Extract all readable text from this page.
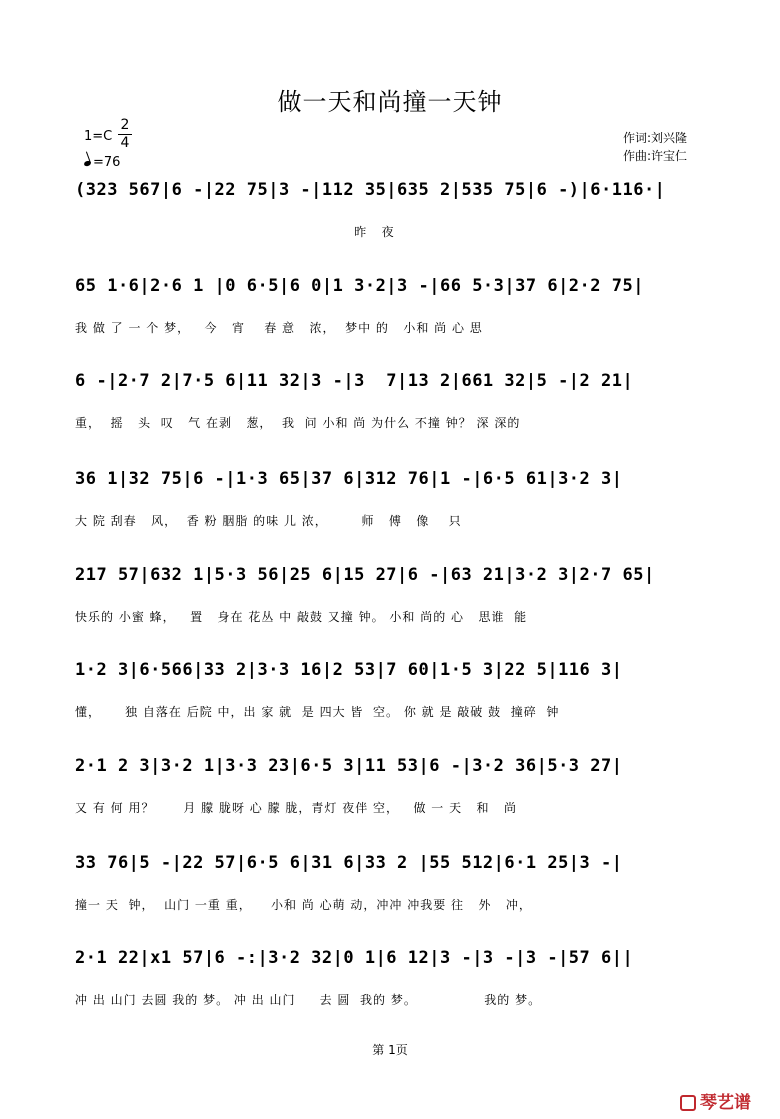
做一天和尚撞一天钟
1=C
2
4
=76
作词:刘兴隆
作曲:许宝仁
(323 567|6 -|22 75|3 -|112 35|635 2|535 75|6 -)|6·116·|
昨   夜
65 1·6|2·6 1 |0 6·5|6 0|1 3·2|3 -|66 5·3|37 6|2·2 75|
我 做 了 一 个 梦，   今   宵    春 意   浓，  梦中 的   小和 尚 心 思
6 -|2·7 2|7·5 6|11 32|3 -|3  7|13 2|661 32|5 -|2 21|
重，  摇   头  叹   气 在剥   葱，  我  问 小和 尚 为什么 不撞 钟？ 深 深的
36 1|32 75|6 -|1·3 65|37 6|312 76|1 -|6·5 61|3·2 3|
大 院 刮春   风，  香 粉 胭脂 的味 儿 浓，       师   傅   像    只
217 57|632 1|5·3 56|25 6|15 27|6 -|63 21|3·2 3|2·7 65|
快乐的 小蜜 蜂，   置   身在 花丛 中 敲鼓 又撞 钟。 小和 尚的 心   思谁  能
1·2 3|6·566|33 2|3·3 16|2 53|7 60|1·5 3|22 5|116 3|
懂，     独 自落在 后院 中，出 家 就  是 四大 皆  空。 你 就 是 敲破 鼓  撞碎  钟
2·1 2 3|3·2 1|3·3 23|6·5 3|11 53|6 -|3·2 36|5·3 27|
又 有 何 用？      月 朦 胧呀 心 朦 胧，青灯 夜伴 空，   做 一 天   和   尚
33 76|5 -|22 57|6·5 6|31 6|33 2 |55 512|6·1 25|3 -|
撞一 天  钟，  山门 一重 重，    小和 尚 心萌 动，冲冲 冲我要 往   外   冲，
2·1 22|x1 57|6 -:|3·2 32|0 1|6 12|3 -|3 -|3 -|57 6||
冲 出 山门 去圆 我的 梦。 冲 出 山门     去 圆  我的 梦。              我的 梦。
第 1页
琴艺谱
